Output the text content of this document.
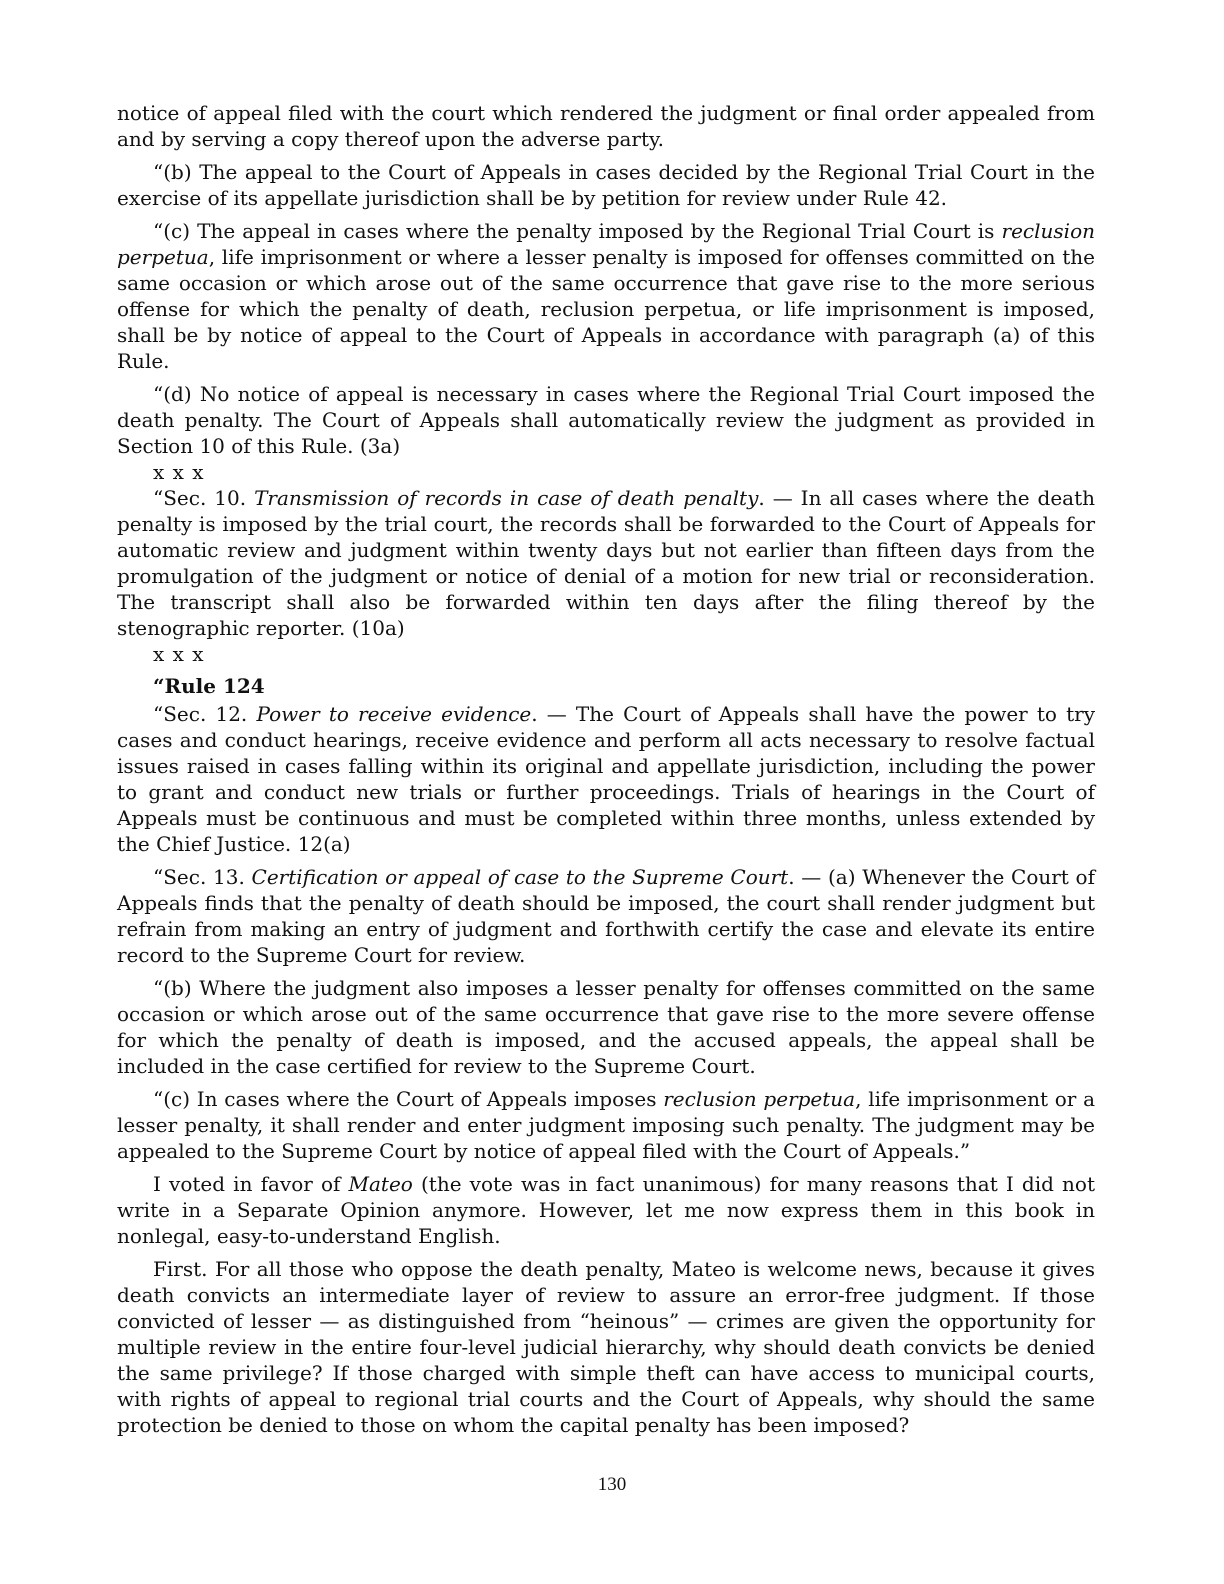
notice of appeal filed with the court which rendered the judgment or final order appealed from and by serving a copy thereof upon the adverse party.

“(b) The appeal to the Court of Appeals in cases decided by the Regional Trial Court in the exercise of its appellate jurisdiction shall be by petition for review under Rule 42.

“(c) The appeal in cases where the penalty imposed by the Regional Trial Court is reclusion perpetua, life imprisonment or where a lesser penalty is imposed for offenses committed on the same occasion or which arose out of the same occurrence that gave rise to the more serious offense for which the penalty of death, reclusion perpetua, or life imprisonment is imposed, shall be by notice of appeal to the Court of Appeals in accordance with paragraph (a) of this Rule.

“(d) No notice of appeal is necessary in cases where the Regional Trial Court imposed the death penalty. The Court of Appeals shall automatically review the judgment as provided in Section 10 of this Rule. (3a)

x x x

“Sec. 10. Transmission of records in case of death penalty. — In all cases where the death penalty is imposed by the trial court, the records shall be forwarded to the Court of Appeals for automatic review and judgment within twenty days but not earlier than fifteen days from the promulgation of the judgment or notice of denial of a motion for new trial or reconsideration. The transcript shall also be forwarded within ten days after the filing thereof by the stenographic reporter. (10a)

x x x

“Rule 124

“Sec. 12. Power to receive evidence. — The Court of Appeals shall have the power to try cases and conduct hearings, receive evidence and perform all acts necessary to resolve factual issues raised in cases falling within its original and appellate jurisdiction, including the power to grant and conduct new trials or further proceedings. Trials of hearings in the Court of Appeals must be continuous and must be completed within three months, unless extended by the Chief Justice. 12(a)

“Sec. 13. Certification or appeal of case to the Supreme Court. — (a) Whenever the Court of Appeals finds that the penalty of death should be imposed, the court shall render judgment but refrain from making an entry of judgment and forthwith certify the case and elevate its entire record to the Supreme Court for review.

“(b) Where the judgment also imposes a lesser penalty for offenses committed on the same occasion or which arose out of the same occurrence that gave rise to the more severe offense for which the penalty of death is imposed, and the accused appeals, the appeal shall be included in the case certified for review to the Supreme Court.

“(c) In cases where the Court of Appeals imposes reclusion perpetua, life imprisonment or a lesser penalty, it shall render and enter judgment imposing such penalty. The judgment may be appealed to the Supreme Court by notice of appeal filed with the Court of Appeals.”

I voted in favor of Mateo (the vote was in fact unanimous) for many reasons that I did not write in a Separate Opinion anymore. However, let me now express them in this book in nonlegal, easy-to-understand English.

First. For all those who oppose the death penalty, Mateo is welcome news, because it gives death convicts an intermediate layer of review to assure an error-free judgment. If those convicted of lesser — as distinguished from “heinous” — crimes are given the opportunity for multiple review in the entire four-level judicial hierarchy, why should death convicts be denied the same privilege? If those charged with simple theft can have access to municipal courts, with rights of appeal to regional trial courts and the Court of Appeals, why should the same protection be denied to those on whom the capital penalty has been imposed?

130
